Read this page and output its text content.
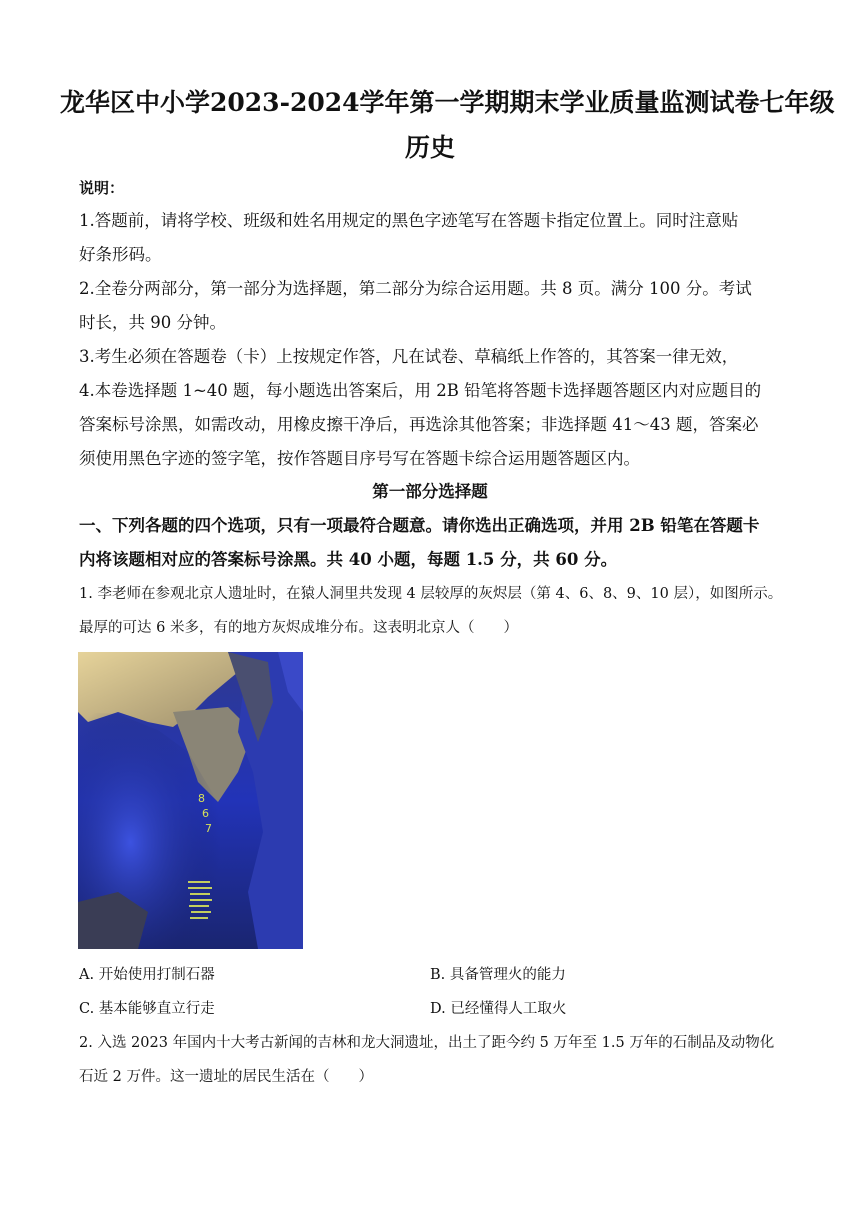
龙华区中小学2023-2024学年第一学期期末学业质量监测试卷七年级
历史
说明：
1.答题前，请将学校、班级和姓名用规定的黑色字迹笔写在答题卡指定位置上。同时注意贴
好条形码。
2.全卷分两部分，第一部分为选择题，第二部分为综合运用题。共 8 页。满分 100 分。考试
时长，共 90 分钟。
3.考生必须在答题卷（卡）上按规定作答，凡在试卷、草稿纸上作答的，其答案一律无效，
4.本卷选择题 1~40 题，每小题选出答案后，用 2B 铅笔将答题卡选择题答题区内对应题目的
答案标号涂黑，如需改动，用橡皮擦干净后，再选涂其他答案；非选择题 41～43 题，答案必
须使用黑色字迹的签字笔，按作答题目序号写在答题卡综合运用题答题区内。
第一部分选择题
一、下列各题的四个选项，只有一项最符合题意。请你选出正确选项，并用 2B 铅笔在答题卡
内将该题相对应的答案标号涂黑。共 40 小题，每题 1.5 分，共 60 分。
1. 李老师在参观北京人遗址时，在猿人洞里共发现 4 层较厚的灰烬层（第 4、6、8、9、10 层），如图所示。
最厚的可达 6 米多，有的地方灰烬成堆分布。这表明北京人（　　）
8
6
7
A. 开始使用打制石器	B. 具备管理火的能力
C. 基本能够直立行走	D. 已经懂得人工取火
2. 入选 2023 年国内十大考古新闻的吉林和龙大洞遗址，出土了距今约 5 万年至 1.5 万年的石制品及动物化
石近 2 万件。这一遗址的居民生活在（　　）
